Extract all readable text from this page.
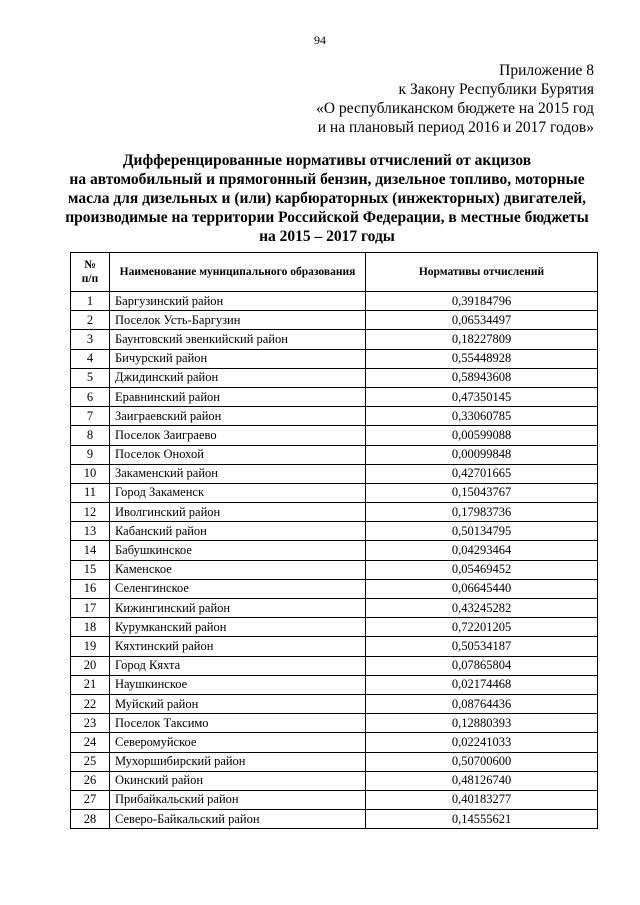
94
Приложение 8
к Закону Республики Бурятия
«О республиканском бюджете на 2015 год
и на плановый период 2016 и 2017 годов»
Дифференцированные нормативы отчислений от акцизов
на автомобильный и прямогонный бензин, дизельное топливо, моторные
масла для дизельных и (или) карбюраторных (инжекторных) двигателей,
производимые на территории Российской Федерации, в местные бюджеты
на 2015 – 2017 годы
№
п/п	Наименование муниципального образования	Нормативы отчислений
1	Баргузинский район	0,39184796
2	Поселок Усть-Баргузин	0,06534497
3	Баунтовский эвенкийский район	0,18227809
4	Бичурский район	0,55448928
5	Джидинский район	0,58943608
6	Еравнинский район	0,47350145
7	Заиграевский район	0,33060785
8	Поселок Заиграево	0,00599088
9	Поселок Онохой	0,00099848
10	Закаменский район	0,42701665
11	Город Закаменск	0,15043767
12	Иволгинский район	0,17983736
13	Кабанский район	0,50134795
14	Бабушкинское	0,04293464
15	Каменское	0,05469452
16	Селенгинское	0,06645440
17	Кижингинский район	0,43245282
18	Курумканский район	0,72201205
19	Кяхтинский район	0,50534187
20	Город Кяхта	0,07865804
21	Наушкинское	0,02174468
22	Муйский район	0,08764436
23	Поселок Таксимо	0,12880393
24	Северомуйское	0,02241033
25	Мухоршибирский район	0,50700600
26	Окинский район	0,48126740
27	Прибайкальский район	0,40183277
28	Северо-Байкальский район	0,14555621
